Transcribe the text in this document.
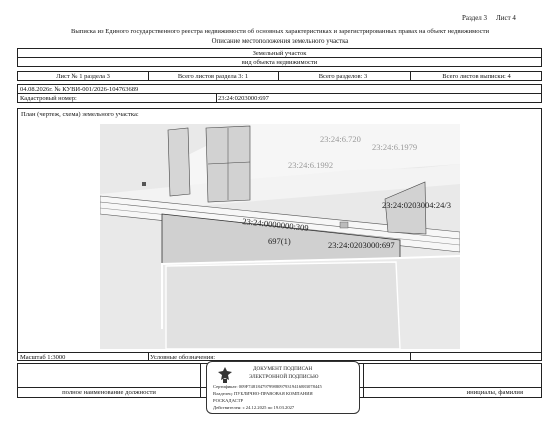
Раздел 3 Лист 4
Выписка из Единого государственного реестра недвижимости об основных характеристиках и зарегистрированных правах на объект недвижимости
Описание местоположения земельного участка
Земельный участок
вид объекта недвижимости
Лист № 1 раздела 3	Всего листов раздела 3: 1	Всего разделов: 3	Всего листов выписки: 4
04.08.2026г. № КУВИ-001/2026-104763689
Кадастровый номер:	23:24:0203000:697
План (чертеж, схема) земельного участка:
23:24:6.720
23:24:6.1979
23:24:6.1992
23:24:0203004:24/3
23:24:0000000:309
697(1)	23:24:0203000:697
Масштаб 1:3000	Условные обозначения:
полное наименование должности	инициалы, фамилия
ДОКУМЕНТ ПОДПИСАН
ЭЛЕКТРОННОЙ ПОДПИСЬЮ
Сертификат: 009F74818479799880979319416883078445
Владелец: ПУБЛИЧНО-ПРАВОВАЯ КОМПАНИЯ
РОСКАДАСТР
Действителен: с 24.12.2025 по 19.03.2027
